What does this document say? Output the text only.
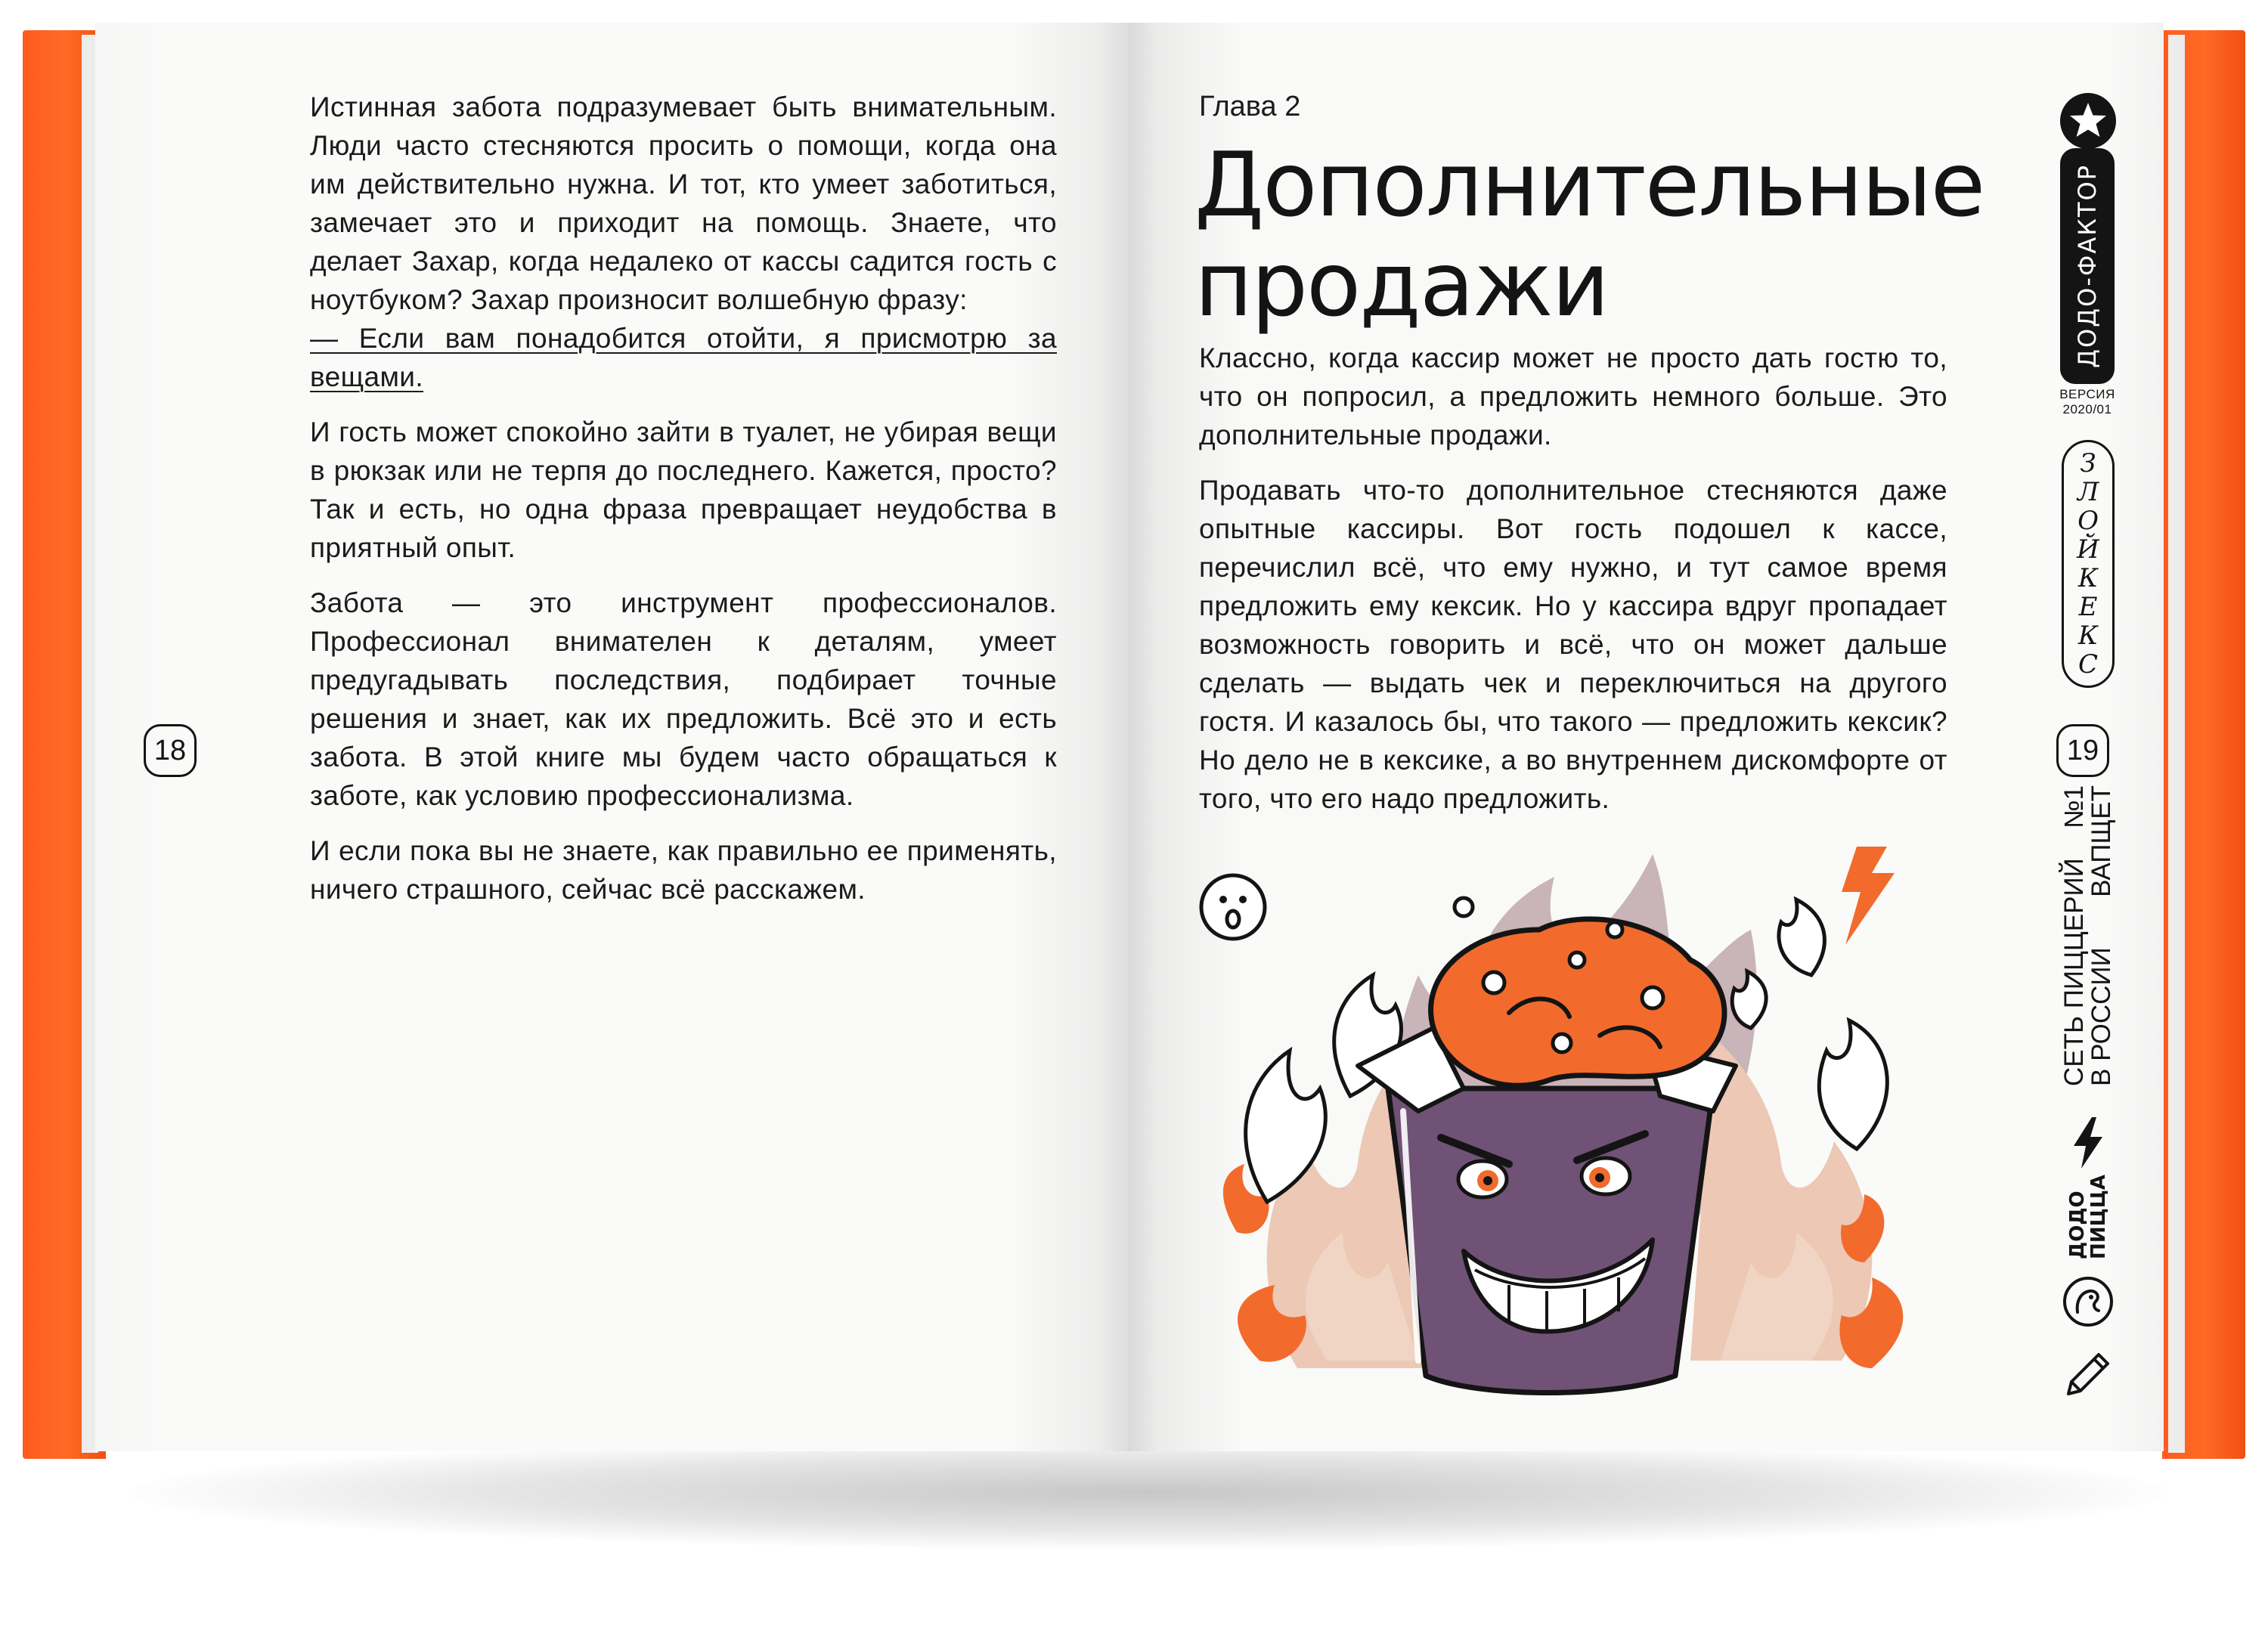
18

Истинная забота подразумевает быть внимательным. Люди часто стесняются просить о помощи, когда она им действительно нужна. И тот, кто умеет заботиться, замечает это и приходит на помощь. Знаете, что делает Захар, когда недалеко от кассы садится гость с ноутбуком? Захар произносит волшебную фразу:
— Если вам понадобится отойти, я присмотрю за вещами.

И гость может спокойно зайти в туалет, не убирая вещи в рюкзак или не терпя до последнего. Кажется, просто? Так и есть, но одна фраза превращает неудобства в приятный опыт.

Забота — это инструмент профессионалов. Профессионал внимателен к деталям, умеет предугадывать последствия, подбирает точные решения и знает, как их предложить. Всё это и есть забота. В этой книге мы будем часто обращаться к заботе, как условию профессионализма.

И если пока вы не знаете, как правильно ее применять, ничего страшного, сейчас всё расскажем.

Глава 2
Дополнительные продажи

Классно, когда кассир может не просто дать гостю то, что он попросил, а предложить немного больше. Это дополнительные продажи.

Продавать что-то дополнительное стесняются даже опытные кассиры. Вот гость подошел к кассе, перечислил всё, что ему нужно, и тут самое время предложить ему кексик. Но у кассира вдруг пропадает возможность говорить и всё, что он может дальше сделать — выдать чек и переключиться на другого гостя. И казалось бы, что такого — предложить кексик? Но дело не в кексике, а во внутреннем дискомфорте от того, что его надо предложить.

19
ДОДО-ФАКТОР
ВЕРСИЯ
2020/01
ЗЛОЙ КЕКС
СЕТЬ ПИЦЦЕРИЙ
№1
В РОССИИ
ВАПЩЕТ
ДОДО
ПИЦЦА
